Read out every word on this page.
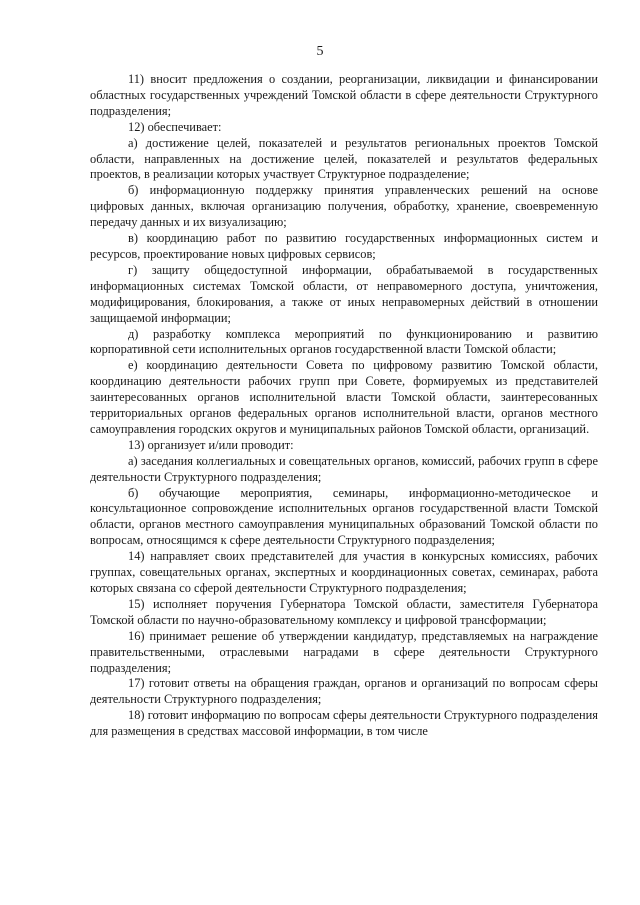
5

11) вносит предложения о создании, реорганизации, ликвидации и финансировании областных государственных учреждений Томской области в сфере деятельности Структурного подразделения;

12) обеспечивает:

а) достижение целей, показателей и результатов региональных проектов Томской области, направленных на достижение целей, показателей и результатов федеральных проектов, в реализации которых участвует Структурное подразделение;

б) информационную поддержку принятия управленческих решений на основе цифровых данных, включая организацию получения, обработку, хранение, своевременную передачу данных и их визуализацию;

в) координацию работ по развитию государственных информационных систем и ресурсов, проектирование новых цифровых сервисов;

г) защиту общедоступной информации, обрабатываемой в государственных информационных системах Томской области, от неправомерного доступа, уничтожения, модифицирования, блокирования, а также от иных неправомерных действий в отношении защищаемой информации;

д) разработку комплекса мероприятий по функционированию и развитию корпоративной сети исполнительных органов государственной власти Томской области;

е) координацию деятельности Совета по цифровому развитию Томской области, координацию деятельности рабочих групп при Совете, формируемых из представителей заинтересованных органов исполнительной власти Томской области, заинтересованных территориальных органов федеральных органов исполнительной власти, органов местного самоуправления городских округов и муниципальных районов Томской области, организаций.

13) организует и/или проводит:

а) заседания коллегиальных и совещательных органов, комиссий, рабочих групп в сфере деятельности Структурного подразделения;

б) обучающие мероприятия, семинары, информационно-методическое и консультационное сопровождение исполнительных органов государственной власти Томской области, органов местного самоуправления муниципальных образований Томской области по вопросам, относящимся к сфере деятельности Структурного подразделения;

14) направляет своих представителей для участия в конкурсных комиссиях, рабочих группах, совещательных органах, экспертных и координационных советах, семинарах, работа которых связана со сферой деятельности Структурного подразделения;

15) исполняет поручения Губернатора Томской области, заместителя Губернатора Томской области по научно-образовательному комплексу и цифровой трансформации;

16) принимает решение об утверждении кандидатур, представляемых на награждение правительственными, отраслевыми наградами в сфере деятельности Структурного подразделения;

17) готовит ответы на обращения граждан, органов и организаций по вопросам сферы деятельности Структурного подразделения;

18) готовит информацию по вопросам сферы деятельности Структурного подразделения для размещения в средствах массовой информации, в том числе
